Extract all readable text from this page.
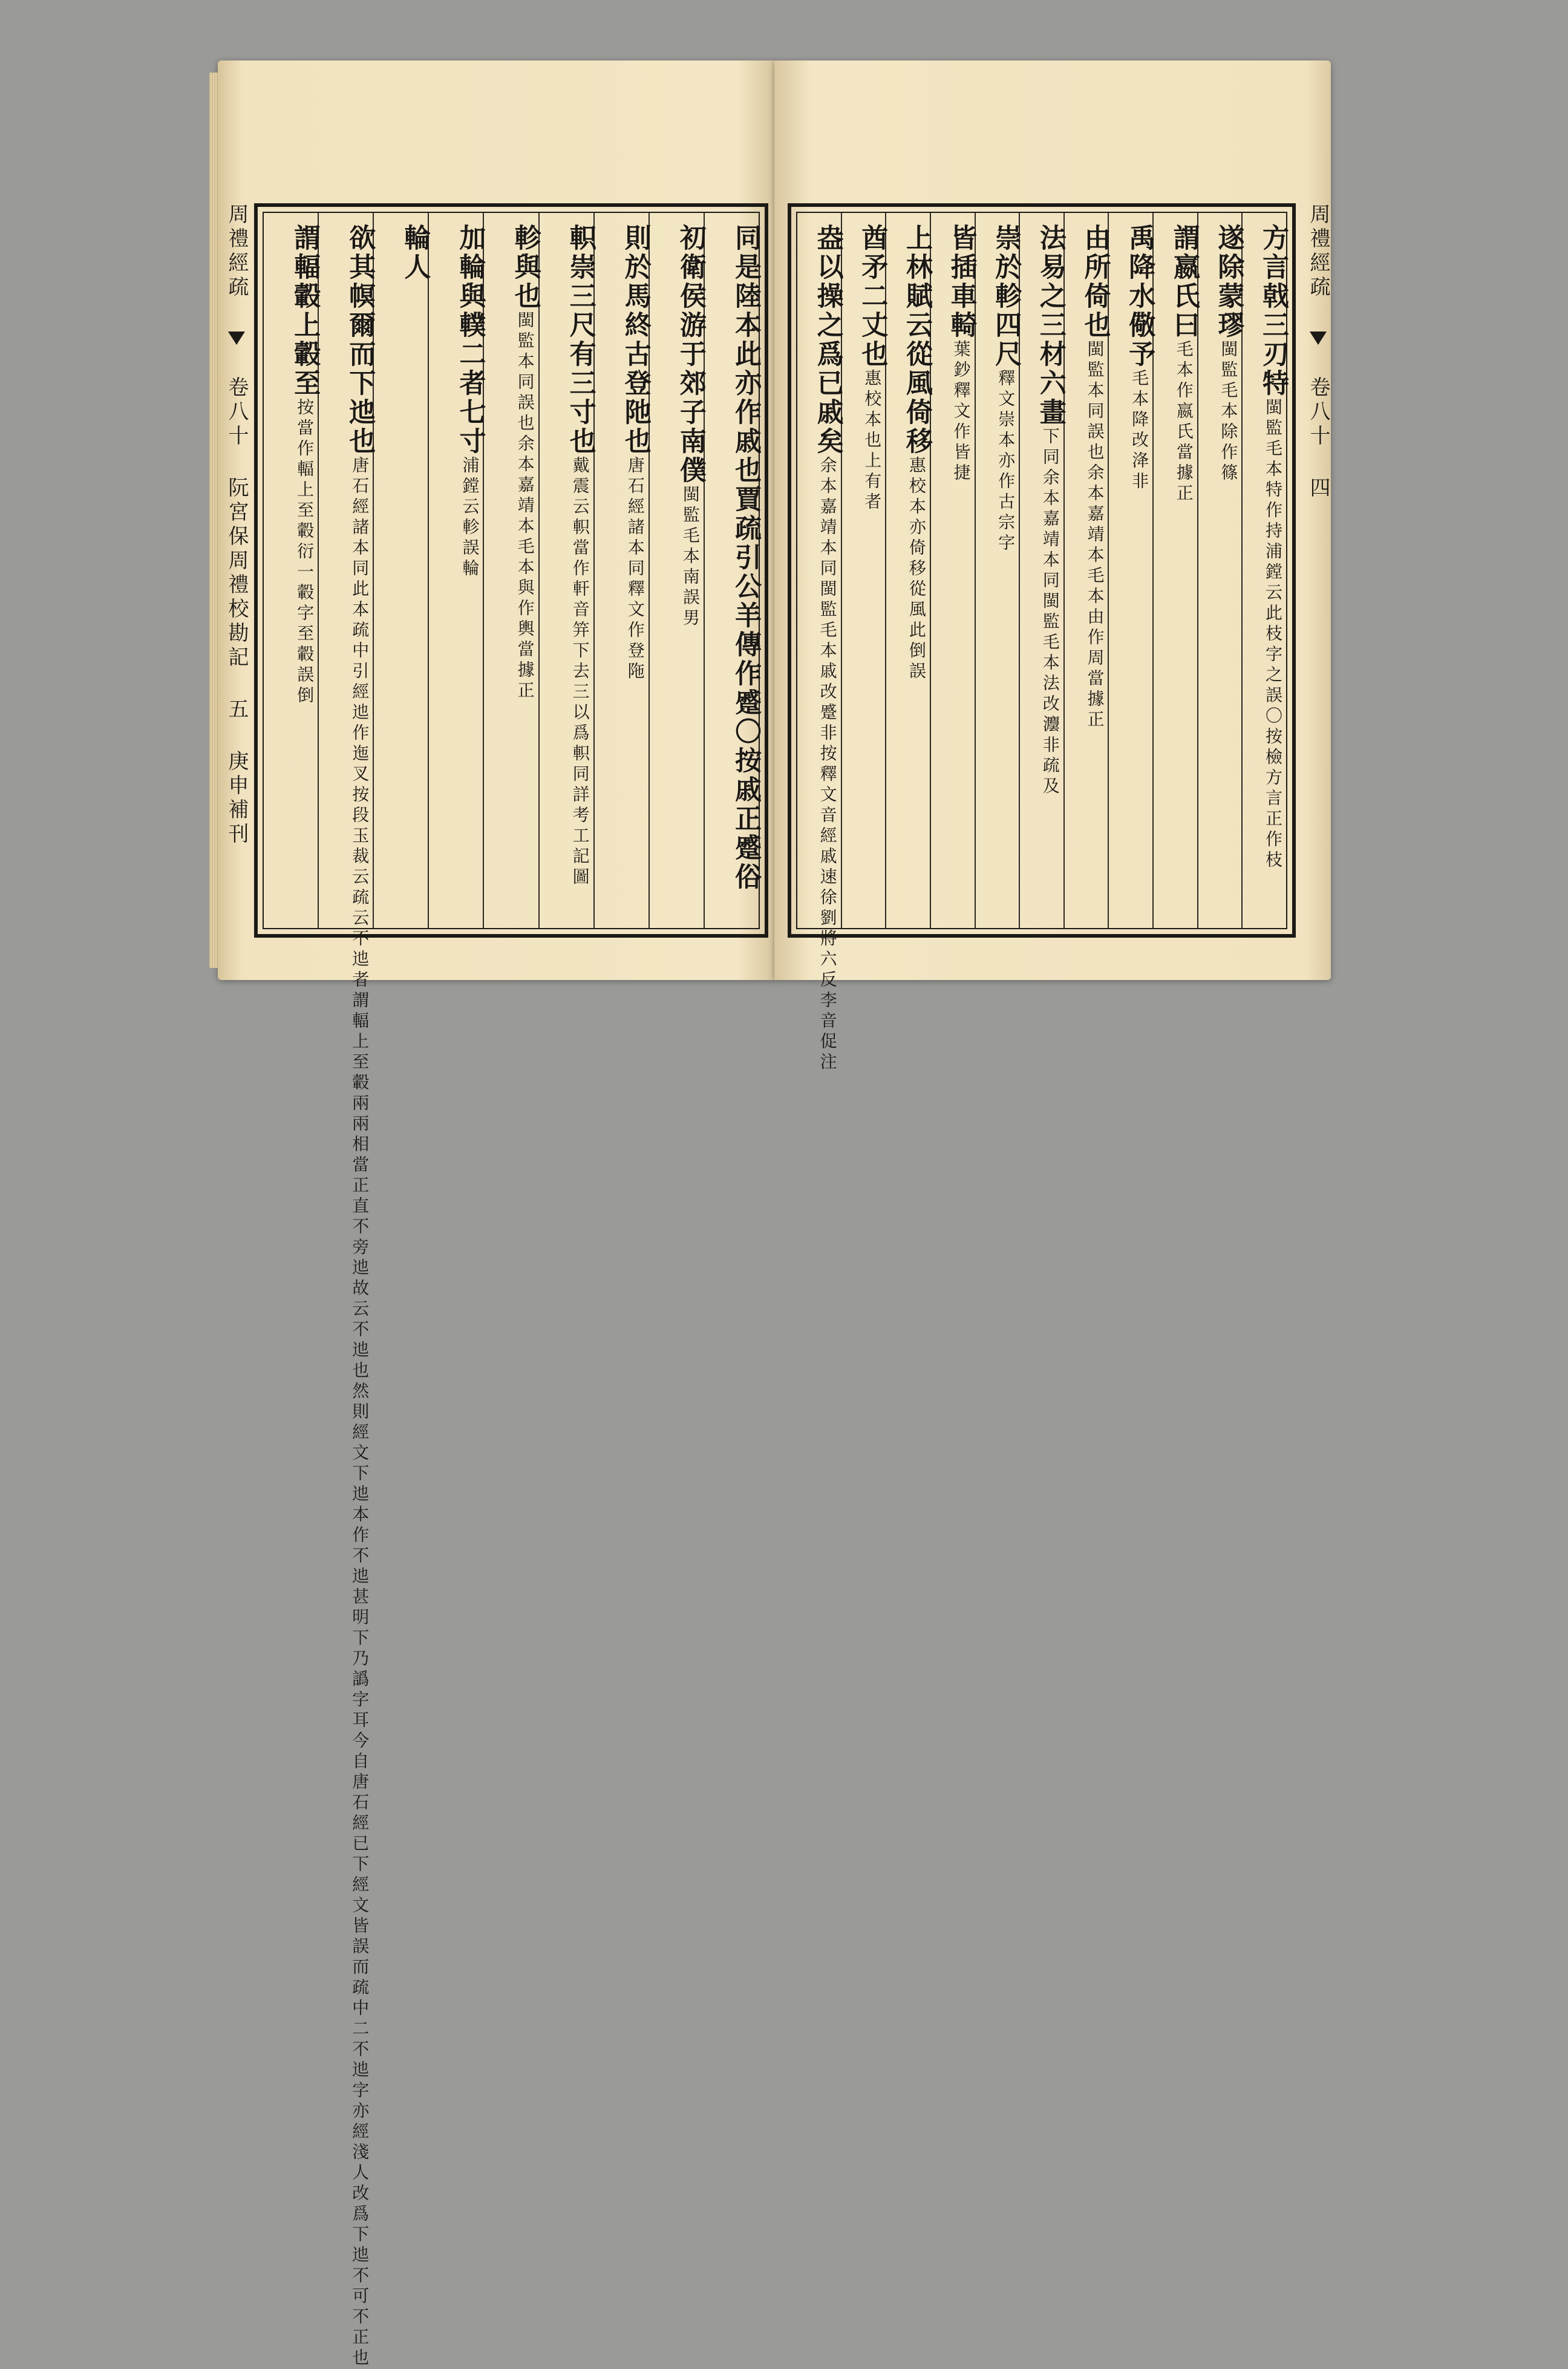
周禮經疏  卷八十 阮宮保周禮校勘記 五 庚申補刊	同是陸本此亦作戚也賈疏引公羊傳作蹙〇按戚正蹙俗
初衛侯游于郊子南僕閩監毛本南誤男
則於馬終古登阤也唐石經諸本同釋文作登陁
軹崇三尺有三寸也戴震云軹當作軒音笄下去三以爲軹同詳考工記圖
軫與也閩監本同誤也余本嘉靖本毛本與作輿當據正
加輪與轐二者七寸浦鏜云軫誤輪
輪人
欲其幎爾而下迆也唐石經諸本同此本疏中引經迆作迤叉按段玉裁云疏云不迆者謂輻上至轂兩兩相當正直不旁迆故云不迆也然則經文下迆本作不迆甚明下乃譌字耳今自唐石經已下經文皆誤而疏中二不迆字亦經淺人改爲下迆不可不正也
謂輻轂上轂至按當作輻上至轂衍一轂字至轂誤倒
方言戟三刃特閩監毛本特作持浦鏜云此枝字之誤〇按檢方言正作枝
遂除蒙璆閩監毛本除作篠
謂嬴氏曰毛本作嬴氏當據正
禹降水儆予毛本降改洚非
由所倚也閩監本同誤也余本嘉靖本毛本由作周當據正
法易之三材六畫下同余本嘉靖本同閩監毛本法改灋非疏及
崇於軫四尺釋文崇本亦作古宗字
皆插車輢葉鈔釋文作皆捷
上林賦云從風倚移惠校本亦倚移從風此倒誤
酋矛二丈也惠校本也上有者
盎以操之爲已戚矣余本嘉靖本同閩監毛本戚改蹙非按釋文音經戚速徐劉將六反李音促注
周禮經疏  卷八十 四
